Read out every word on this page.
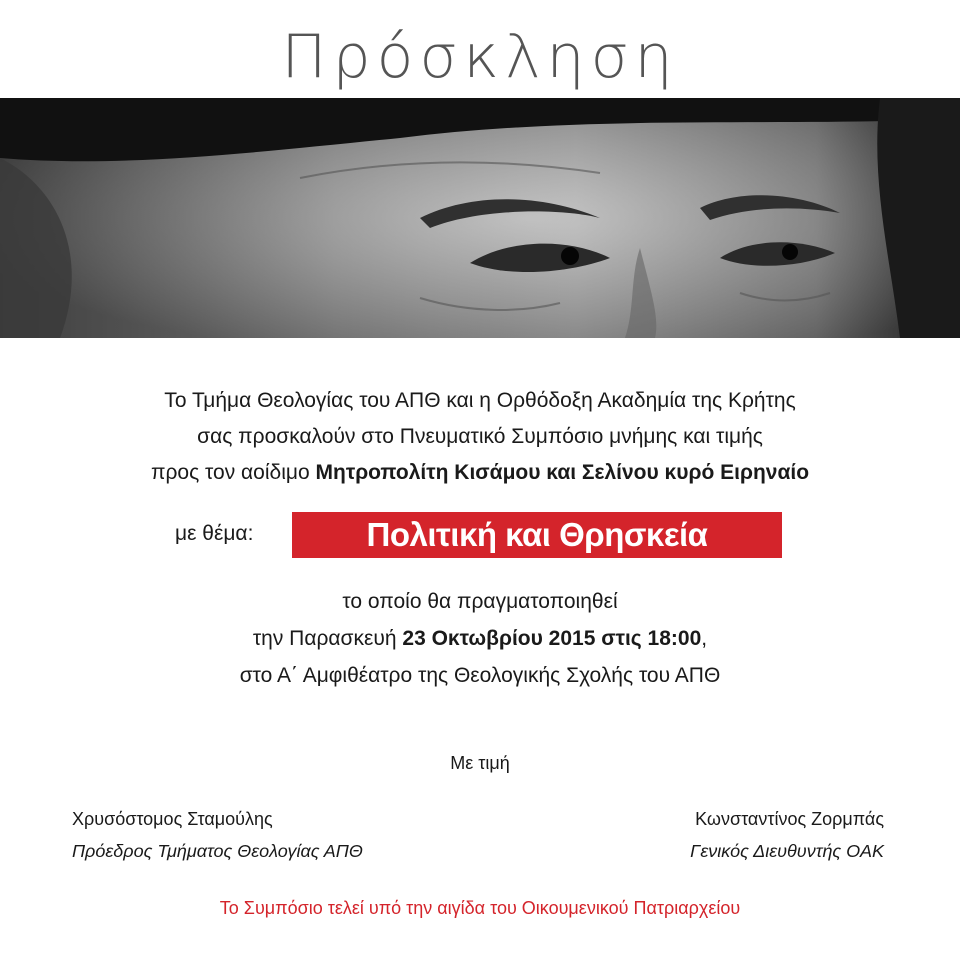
Πρόσκληση
Το Τμήμα Θεολογίας του ΑΠΘ και η Ορθόδοξη Ακαδημία της Κρήτης
σας προσκαλούν στο Πνευματικό Συμπόσιο μνήμης και τιμής
προς τον αοίδιμο Μητροπολίτη Κισάμου και Σελίνου κυρό Ειρηναίο
με θέμα:	Πολιτική και Θρησκεία
το οποίο θα πραγματοποιηθεί
την Παρασκευή 23 Οκτωβρίου 2015 στις 18:00,
στο Α΄ Αμφιθέατρο της Θεολογικής Σχολής του ΑΠΘ
Με τιμή
Χρυσόστομος Σταμούλης
Πρόεδρος Τμήματος Θεολογίας ΑΠΘ
Κωνσταντίνος Ζορμπάς
Γενικός Διευθυντής ΟΑΚ
Το Συμπόσιο τελεί υπό την αιγίδα του Οικουμενικού Πατριαρχείου
